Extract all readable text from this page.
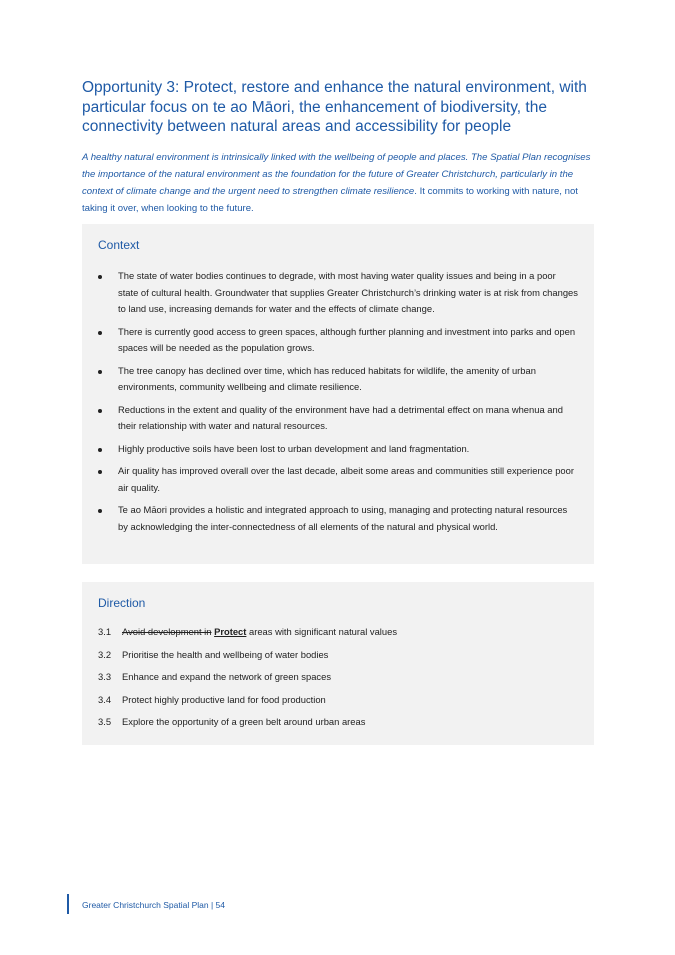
Opportunity 3: Protect, restore and enhance the natural environment, with particular focus on te ao Māori, the enhancement of biodiversity, the connectivity between natural areas and accessibility for people

A healthy natural environment is intrinsically linked with the wellbeing of people and places. The Spatial Plan recognises the importance of the natural environment as the foundation for the future of Greater Christchurch, particularly in the context of climate change and the urgent need to strengthen climate resilience. It commits to working with nature, not taking it over, when looking to the future.

Context
The state of water bodies continues to degrade, with most having water quality issues and being in a poor state of cultural health. Groundwater that supplies Greater Christchurch’s drinking water is at risk from changes to land use, increasing demands for water and the effects of climate change.
There is currently good access to green spaces, although further planning and investment into parks and open spaces will be needed as the population grows.
The tree canopy has declined over time, which has reduced habitats for wildlife, the amenity of urban environments, community wellbeing and climate resilience.
Reductions in the extent and quality of the environment have had a detrimental effect on mana whenua and their relationship with water and natural resources.
Highly productive soils have been lost to urban development and land fragmentation.
Air quality has improved overall over the last decade, albeit some areas and communities still experience poor air quality.
Te ao Māori provides a holistic and integrated approach to using, managing and protecting natural resources by acknowledging the inter-connectedness of all elements of the natural and physical world.
Direction
3.1 Avoid development in Protect areas with significant natural values
3.2 Prioritise the health and wellbeing of water bodies
3.3 Enhance and expand the network of green spaces
3.4 Protect highly productive land for food production
3.5 Explore the opportunity of a green belt around urban areas
Greater Christchurch Spatial Plan | 54
